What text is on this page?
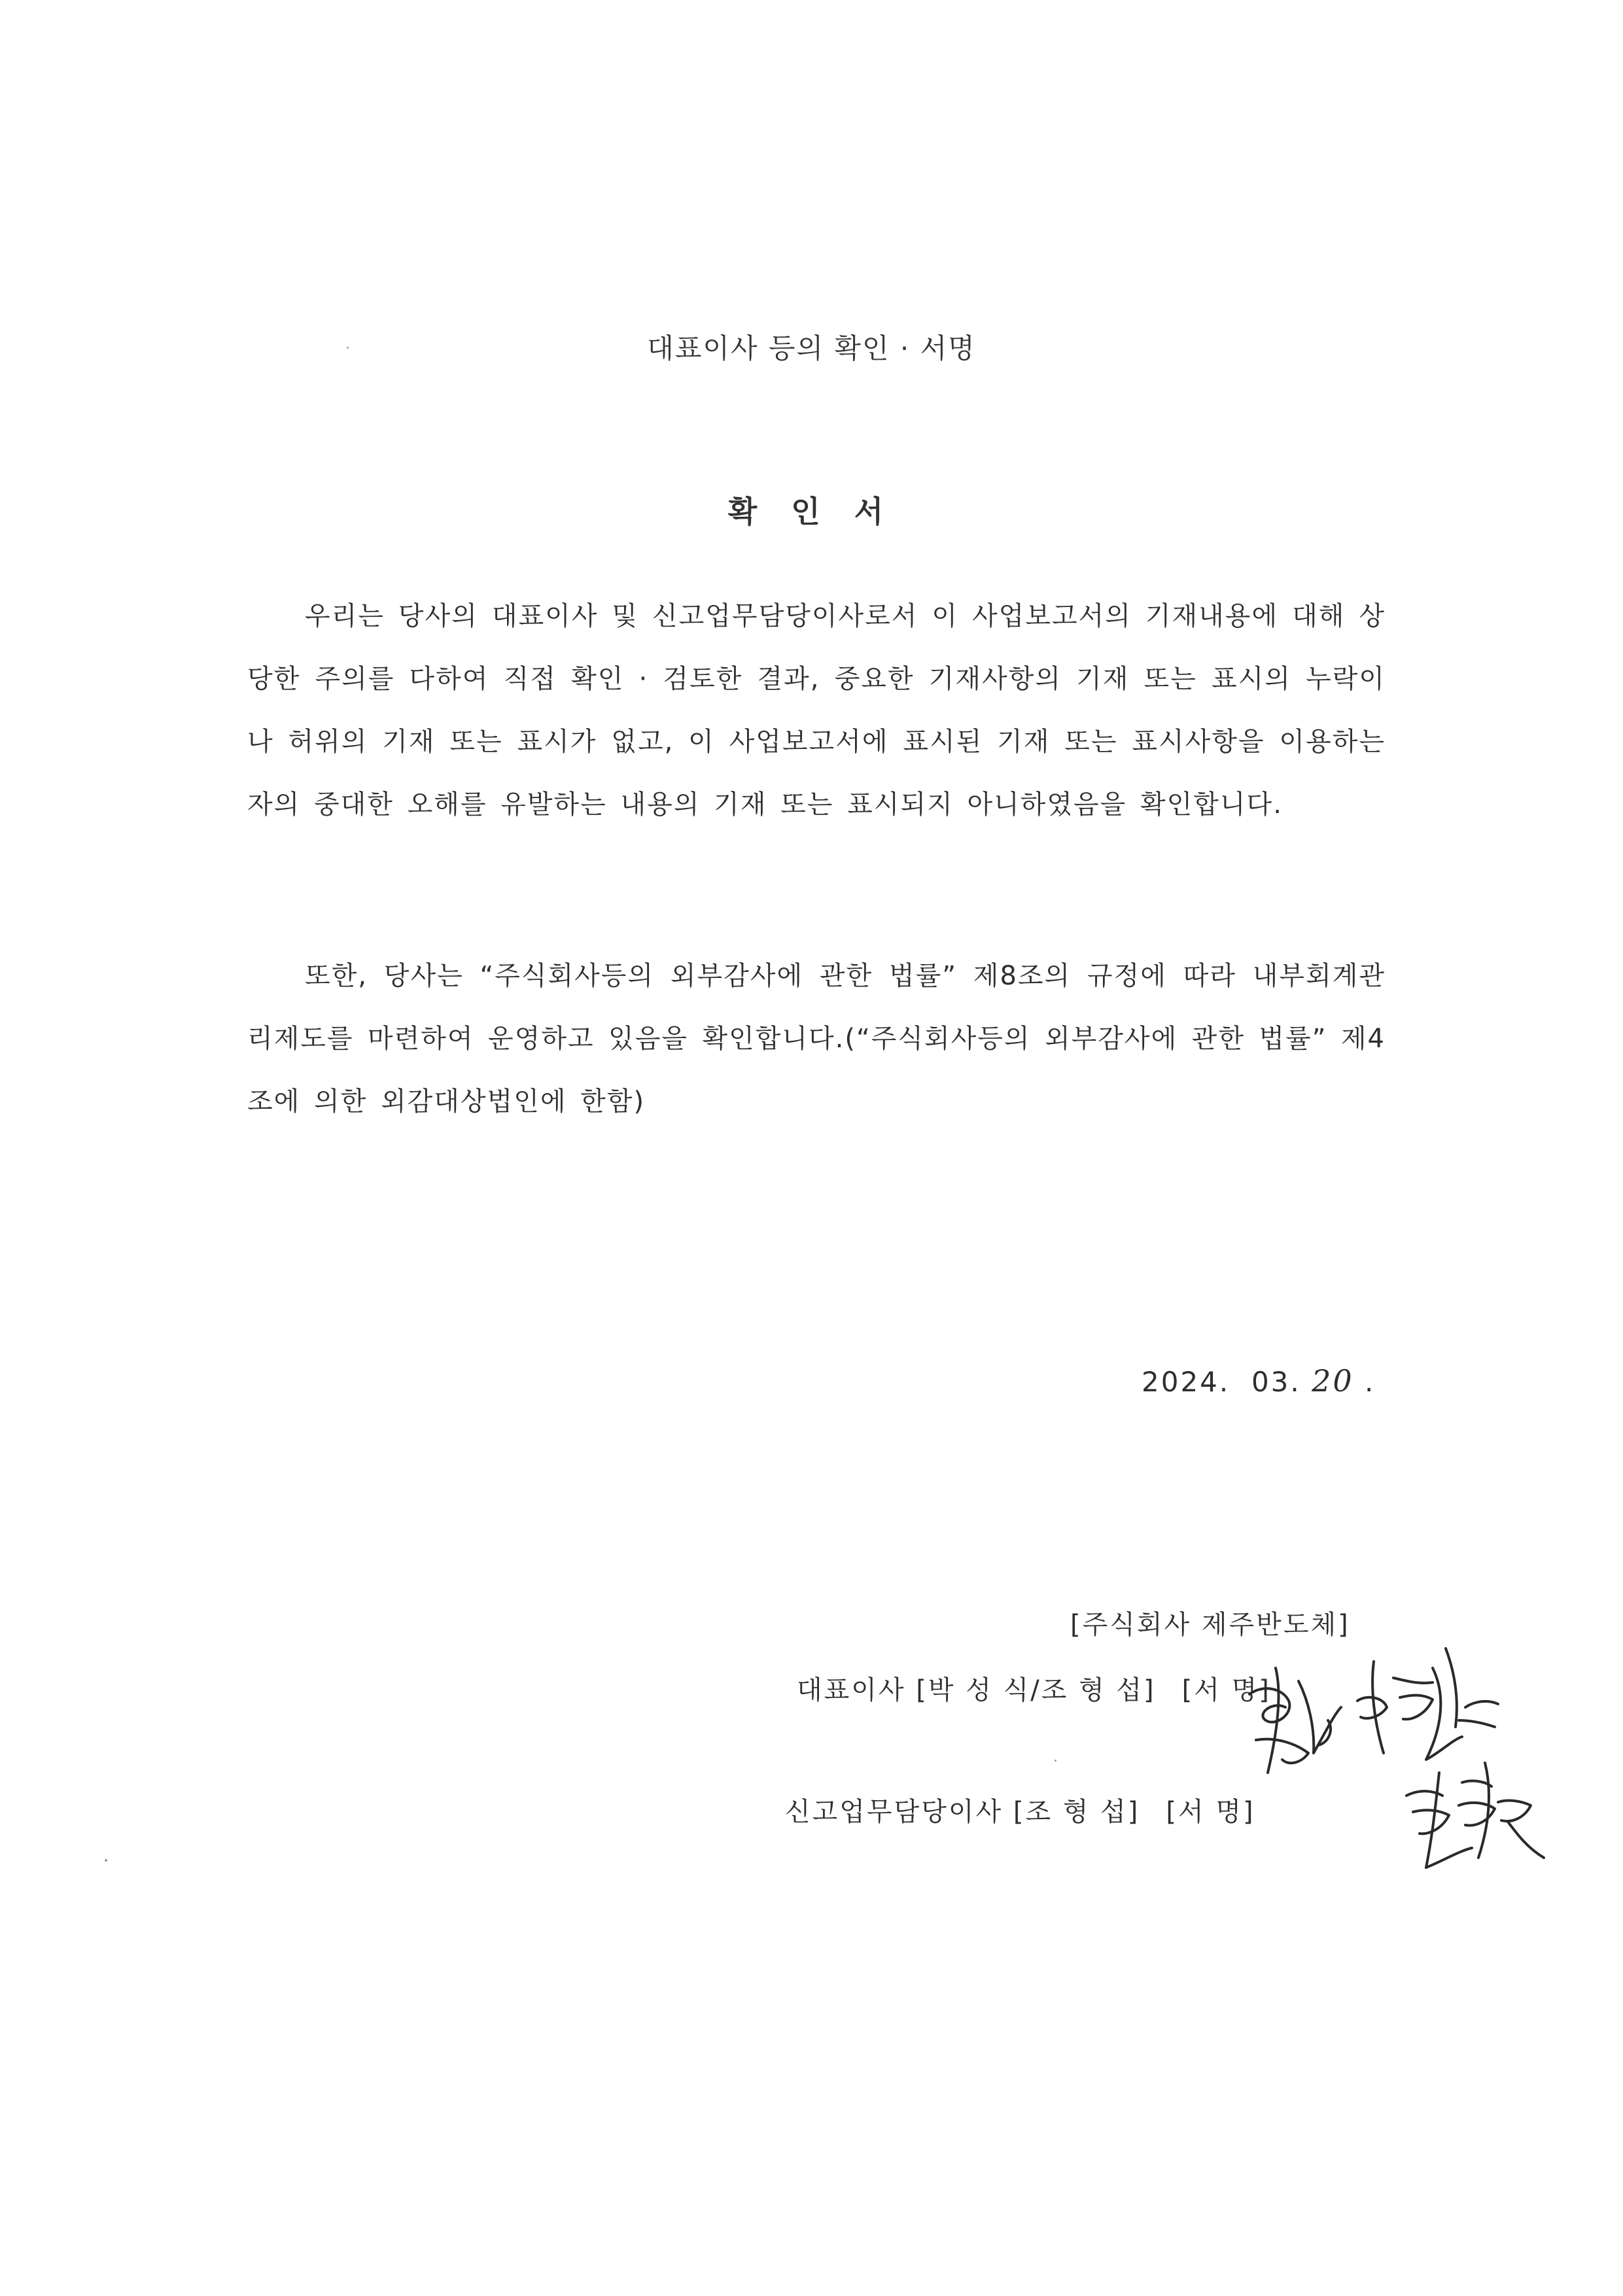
대표이사 등의 확인 · 서명
확 인 서
우리는 당사의 대표이사 및 신고업무담당이사로서 이 사업보고서의 기재내용에 대해 상당한 주의를 다하여 직접 확인 · 검토한 결과, 중요한 기재사항의 기재 또는 표시의 누락이나 허위의 기재 또는 표시가 없고, 이 사업보고서에 표시된 기재 또는 표시사항을 이용하는 자의 중대한 오해를 유발하는 내용의 기재 또는 표시되지 아니하였음을 확인합니다.
또한, 당사는 “주식회사등의 외부감사에 관한 법률” 제8조의 규정에 따라 내부회계관리제도를 마련하여 운영하고 있음을 확인합니다.(“주식회사등의 외부감사에 관한 법률” 제4조에 의한 외감대상법인에 한함)
2024.  03. 20 .
[주식회사 제주반도체]
대표이사 [박 성 식/조 형 섭] [서 명]
신고업무담당이사 [조 형 섭] [서 명]
